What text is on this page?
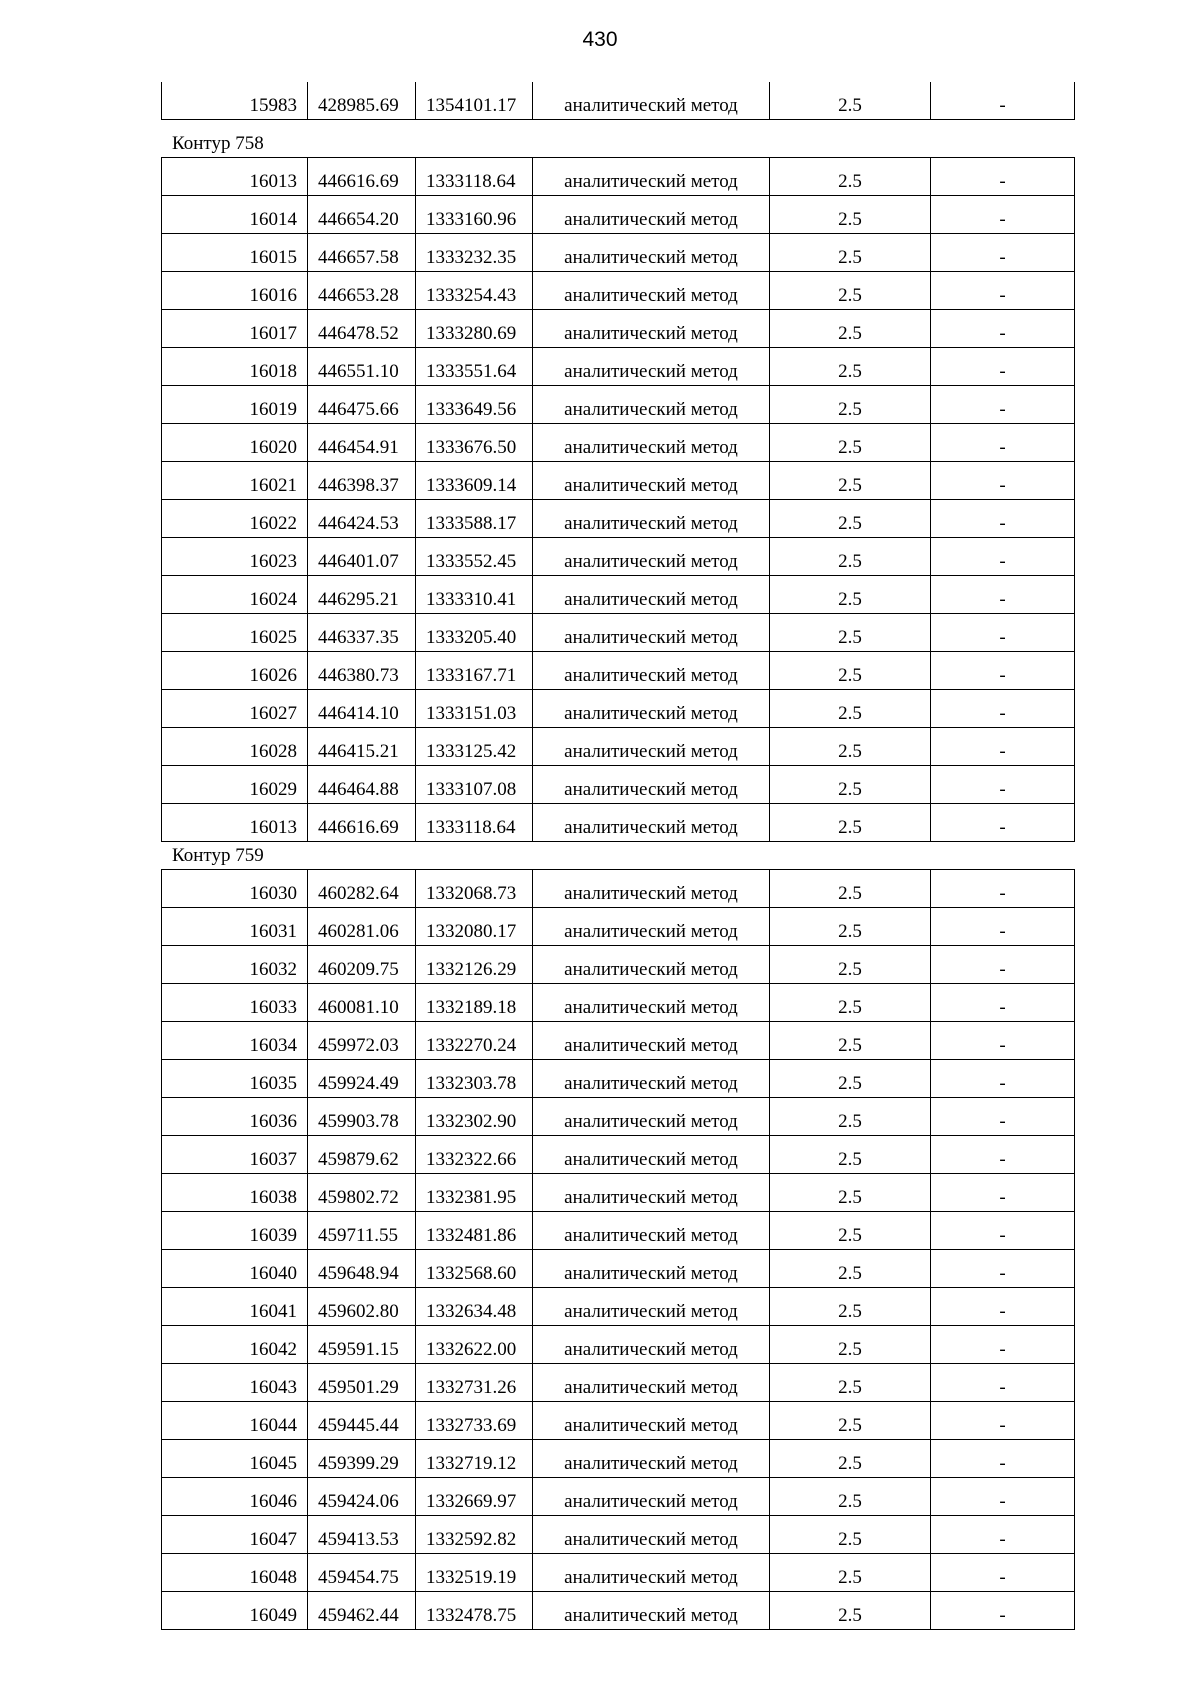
430
15983	428985.69	1354101.17	аналитический метод	2.5	-
Контур 758
16013	446616.69	1333118.64	аналитический метод	2.5	-
16014	446654.20	1333160.96	аналитический метод	2.5	-
16015	446657.58	1333232.35	аналитический метод	2.5	-
16016	446653.28	1333254.43	аналитический метод	2.5	-
16017	446478.52	1333280.69	аналитический метод	2.5	-
16018	446551.10	1333551.64	аналитический метод	2.5	-
16019	446475.66	1333649.56	аналитический метод	2.5	-
16020	446454.91	1333676.50	аналитический метод	2.5	-
16021	446398.37	1333609.14	аналитический метод	2.5	-
16022	446424.53	1333588.17	аналитический метод	2.5	-
16023	446401.07	1333552.45	аналитический метод	2.5	-
16024	446295.21	1333310.41	аналитический метод	2.5	-
16025	446337.35	1333205.40	аналитический метод	2.5	-
16026	446380.73	1333167.71	аналитический метод	2.5	-
16027	446414.10	1333151.03	аналитический метод	2.5	-
16028	446415.21	1333125.42	аналитический метод	2.5	-
16029	446464.88	1333107.08	аналитический метод	2.5	-
16013	446616.69	1333118.64	аналитический метод	2.5	-
Контур 759
16030	460282.64	1332068.73	аналитический метод	2.5	-
16031	460281.06	1332080.17	аналитический метод	2.5	-
16032	460209.75	1332126.29	аналитический метод	2.5	-
16033	460081.10	1332189.18	аналитический метод	2.5	-
16034	459972.03	1332270.24	аналитический метод	2.5	-
16035	459924.49	1332303.78	аналитический метод	2.5	-
16036	459903.78	1332302.90	аналитический метод	2.5	-
16037	459879.62	1332322.66	аналитический метод	2.5	-
16038	459802.72	1332381.95	аналитический метод	2.5	-
16039	459711.55	1332481.86	аналитический метод	2.5	-
16040	459648.94	1332568.60	аналитический метод	2.5	-
16041	459602.80	1332634.48	аналитический метод	2.5	-
16042	459591.15	1332622.00	аналитический метод	2.5	-
16043	459501.29	1332731.26	аналитический метод	2.5	-
16044	459445.44	1332733.69	аналитический метод	2.5	-
16045	459399.29	1332719.12	аналитический метод	2.5	-
16046	459424.06	1332669.97	аналитический метод	2.5	-
16047	459413.53	1332592.82	аналитический метод	2.5	-
16048	459454.75	1332519.19	аналитический метод	2.5	-
16049	459462.44	1332478.75	аналитический метод	2.5	-
